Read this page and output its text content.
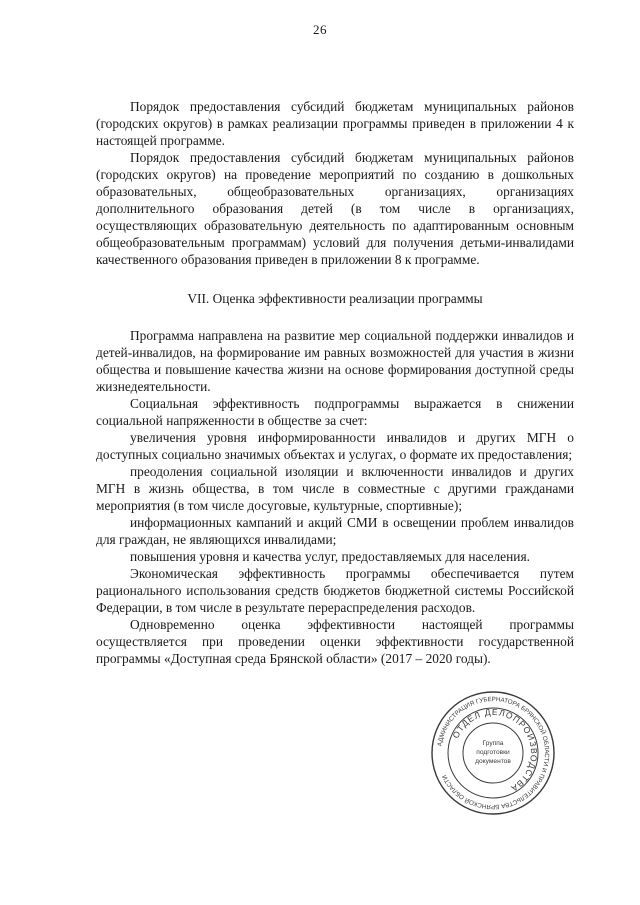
26

Порядок предоставления субсидий бюджетам муниципальных районов (городских округов) в рамках реализации программы приведен в приложении 4 к настоящей программе.

Порядок предоставления субсидий бюджетам муниципальных районов (городских округов) на проведение мероприятий по созданию в дошкольных образовательных, общеобразовательных организациях, организациях дополнительного образования детей (в том числе в организациях, осуществляющих образовательную деятельность по адаптированным основным общеобразовательным программам) условий для получения детьми-инвалидами качественного образования приведен в приложении 8 к программе.

VII. Оценка эффективности реализации программы

Программа направлена на развитие мер социальной поддержки инвалидов и детей-инвалидов, на формирование им равных возможностей для участия в жизни общества и повышение качества жизни на основе формирования доступной среды жизнедеятельности.

Социальная эффективность подпрограммы выражается в снижении социальной напряженности в обществе за счет:

увеличения уровня информированности инвалидов и других МГН о доступных социально значимых объектах и услугах, о формате их предоставления;

преодоления социальной изоляции и включенности инвалидов и других МГН в жизнь общества, в том числе в совместные с другими гражданами мероприятия (в том числе досуговые, культурные, спортивные);

информационных кампаний и акций СМИ в освещении проблем инвалидов для граждан, не являющихся инвалидами;

повышения уровня и качества услуг, предоставляемых для населения.

Экономическая эффективность программы обеспечивается путем рационального использования средств бюджетов бюджетной системы Российской Федерации, в том числе в результате перераспределения расходов.

Одновременно оценка эффективности настоящей программы осуществляется при проведении оценки эффективности государственной программы «Доступная среда Брянской области» (2017 – 2020 годы).

АДМИНИСТРАЦИЯ ГУБЕРНАТОРА БРЯНСКОЙ ОБЛАСТИ И ПРАВИТЕЛЬСТВА БРЯНСКОЙ ОБЛАСТИ
ОТДЕЛ ДЕЛОПРОИЗВОДСТВА
Группа
подготовки
документов
